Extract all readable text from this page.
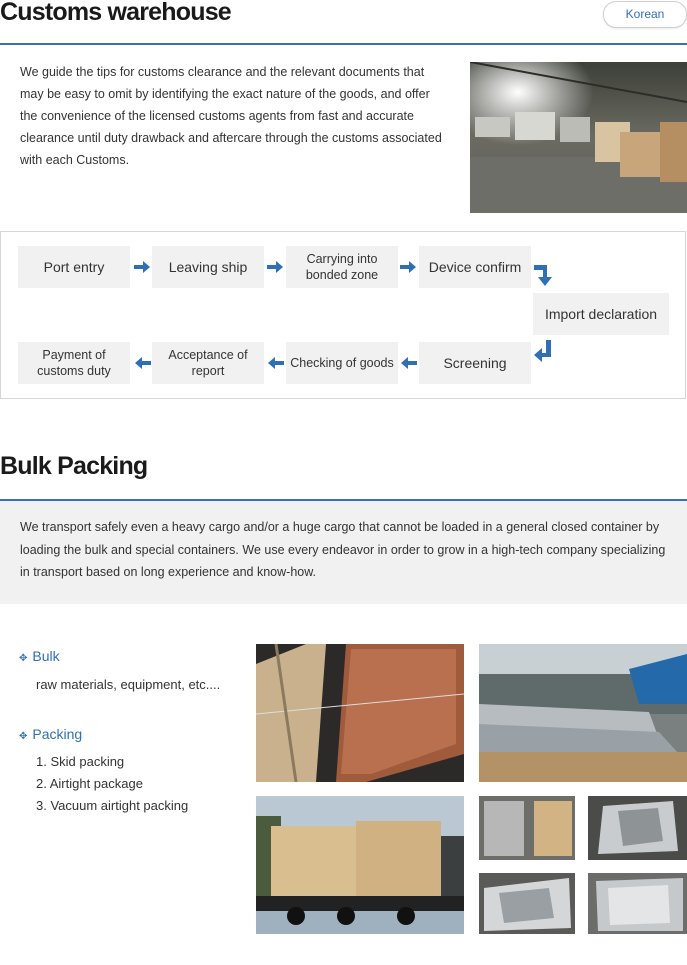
Customs warehouse	Korean
We guide the tips for customs clearance and the relevant documents that may be easy to omit by identifying the exact nature of the goods, and offer the convenience of the licensed customs agents from fast and accurate clearance until duty drawback and aftercare through the customs associated with each Customs.
Port entry	Leaving ship	Carrying into bonded zone	Device confirm
Import declaration
Screening
Checking of goods
Acceptance of report
Payment of customs duty
Bulk Packing

We transport safely even a heavy cargo and/or a huge cargo that cannot be loaded in a general closed container by loading the bulk and special containers. We use every endeavor in order to grow in a high-tech company specializing in transport based on long experience and know-how.

✥ Bulk
raw materials, equipment, etc....
✥ Packing
1. Skid packing
2. Airtight package
3. Vacuum airtight packing
